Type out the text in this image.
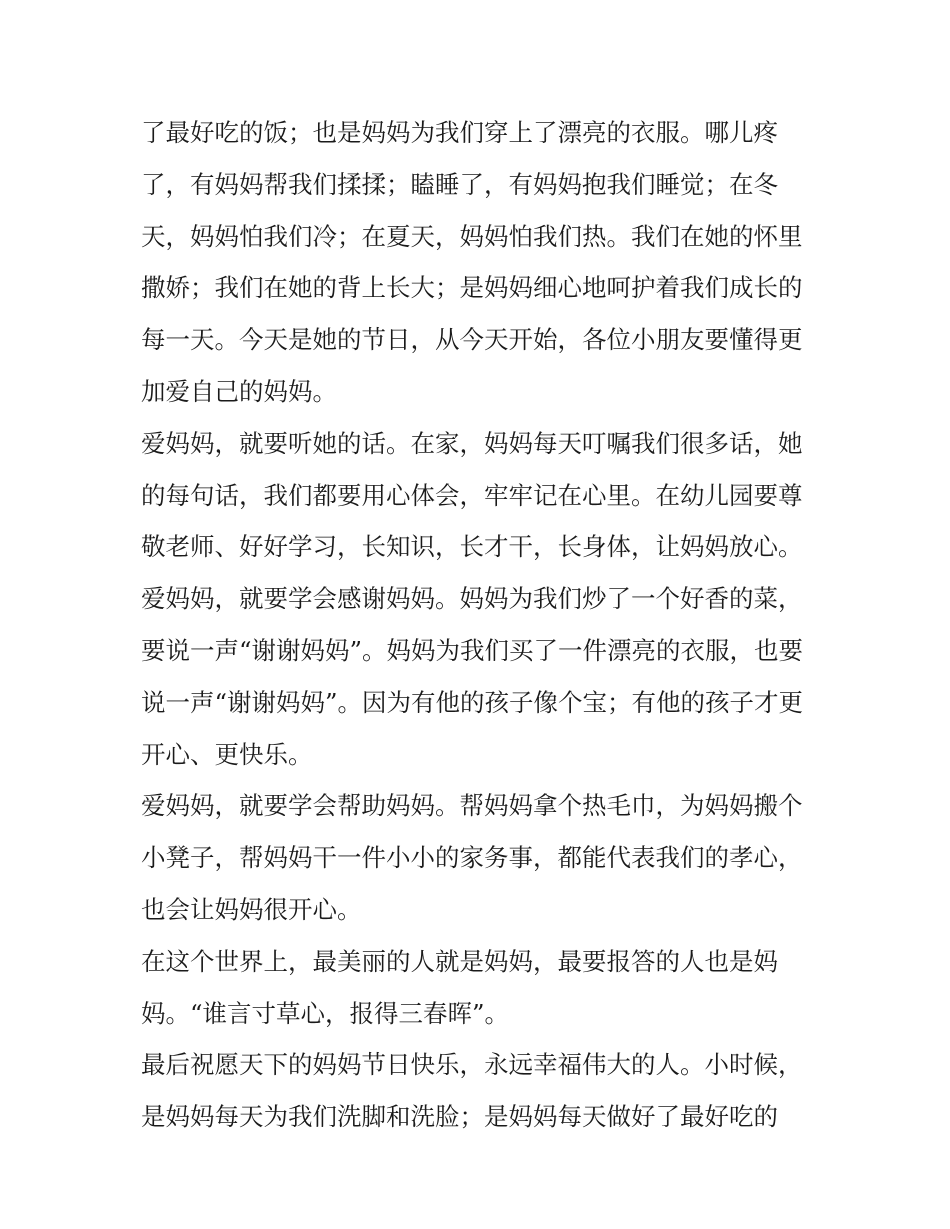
了最好吃的饭；也是妈妈为我们穿上了漂亮的衣服。哪儿疼
了，有妈妈帮我们揉揉；瞌睡了，有妈妈抱我们睡觉；在冬
天，妈妈怕我们冷；在夏天，妈妈怕我们热。我们在她的怀里
撒娇；我们在她的背上长大；是妈妈细心地呵护着我们成长的
每一天。今天是她的节日，从今天开始，各位小朋友要懂得更
加爱自己的妈妈。
爱妈妈，就要听她的话。在家，妈妈每天叮嘱我们很多话，她
的每句话，我们都要用心体会，牢牢记在心里。在幼儿园要尊
敬老师、好好学习，长知识，长才干，长身体，让妈妈放心。
爱妈妈，就要学会感谢妈妈。妈妈为我们炒了一个好香的菜，
要说一声“谢谢妈妈”。妈妈为我们买了一件漂亮的衣服，也要
说一声“谢谢妈妈”。因为有他的孩子像个宝；有他的孩子才更
开心、更快乐。
爱妈妈，就要学会帮助妈妈。帮妈妈拿个热毛巾，为妈妈搬个
小凳子，帮妈妈干一件小小的家务事，都能代表我们的孝心，
也会让妈妈很开心。
在这个世界上，最美丽的人就是妈妈，最要报答的人也是妈
妈。“谁言寸草心，报得三春晖”。
最后祝愿天下的妈妈节日快乐，永远幸福伟大的人。小时候，
是妈妈每天为我们洗脚和洗脸；是妈妈每天做好了最好吃的
